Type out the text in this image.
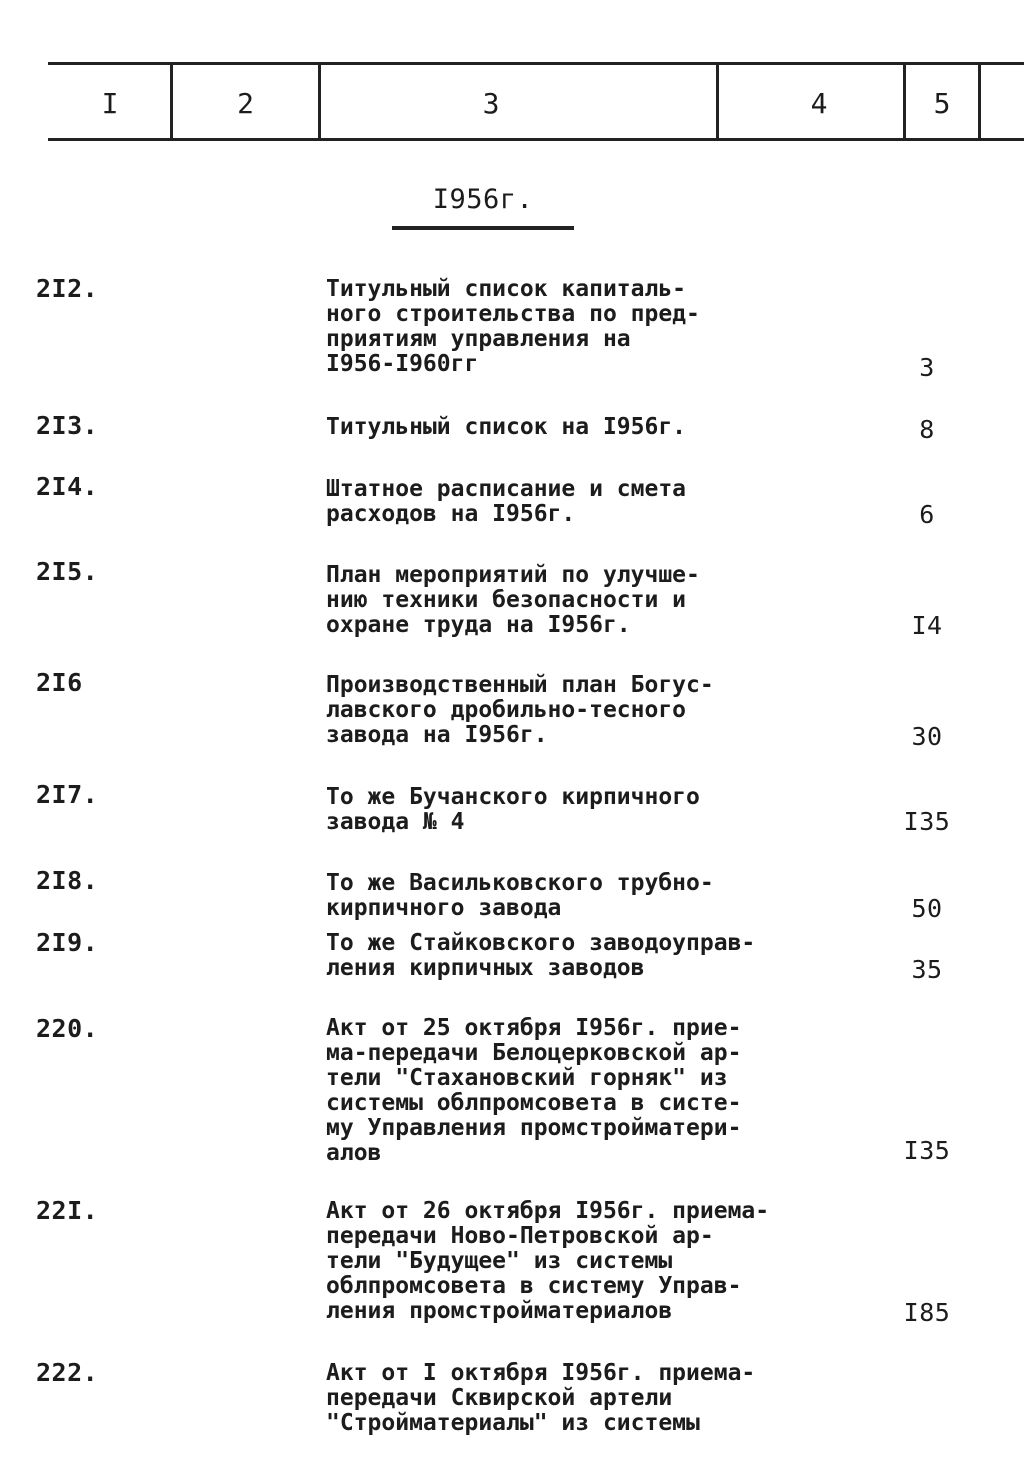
I	2	3	4	5
I956г.
2I2.	Титульный список капиталь-
ного строительства по пред-
приятиям управления на
I956-I960гг	3
2I3.	Титульный список на I956г.	8
2I4.	Штатное расписание и смета
расходов на I956г.	6
2I5.	План мероприятий по улучше-
нию техники безопасности и
охране труда на I956г.	I4
2I6	Производственный план Богус-
лавского дробильно-тесного
завода на I956г.	30
2I7.	То же Бучанского кирпичного
завода № 4	I35
2I8.	То же Васильковского трубно-
кирпичного завода	50
2I9.	То же Стайковского заводоуправ-
ления кирпичных заводов	35
220.	Акт от 25 октября I956г. прие-
ма-передачи Белоцерковской ар-
тели "Стахановский горняк" из
системы облпромсовета в систе-
му Управления промстройматери-
алов	I35
22I.	Акт от 26 октября I956г. приема-
передачи Ново-Петровской ар-
тели "Будущее" из системы
облпромсовета в систему Управ-
ления промстройматериалов	I85
222.	Акт от I октября I956г. приема-
передачи Сквирской артели
"Стройматериалы" из системы
